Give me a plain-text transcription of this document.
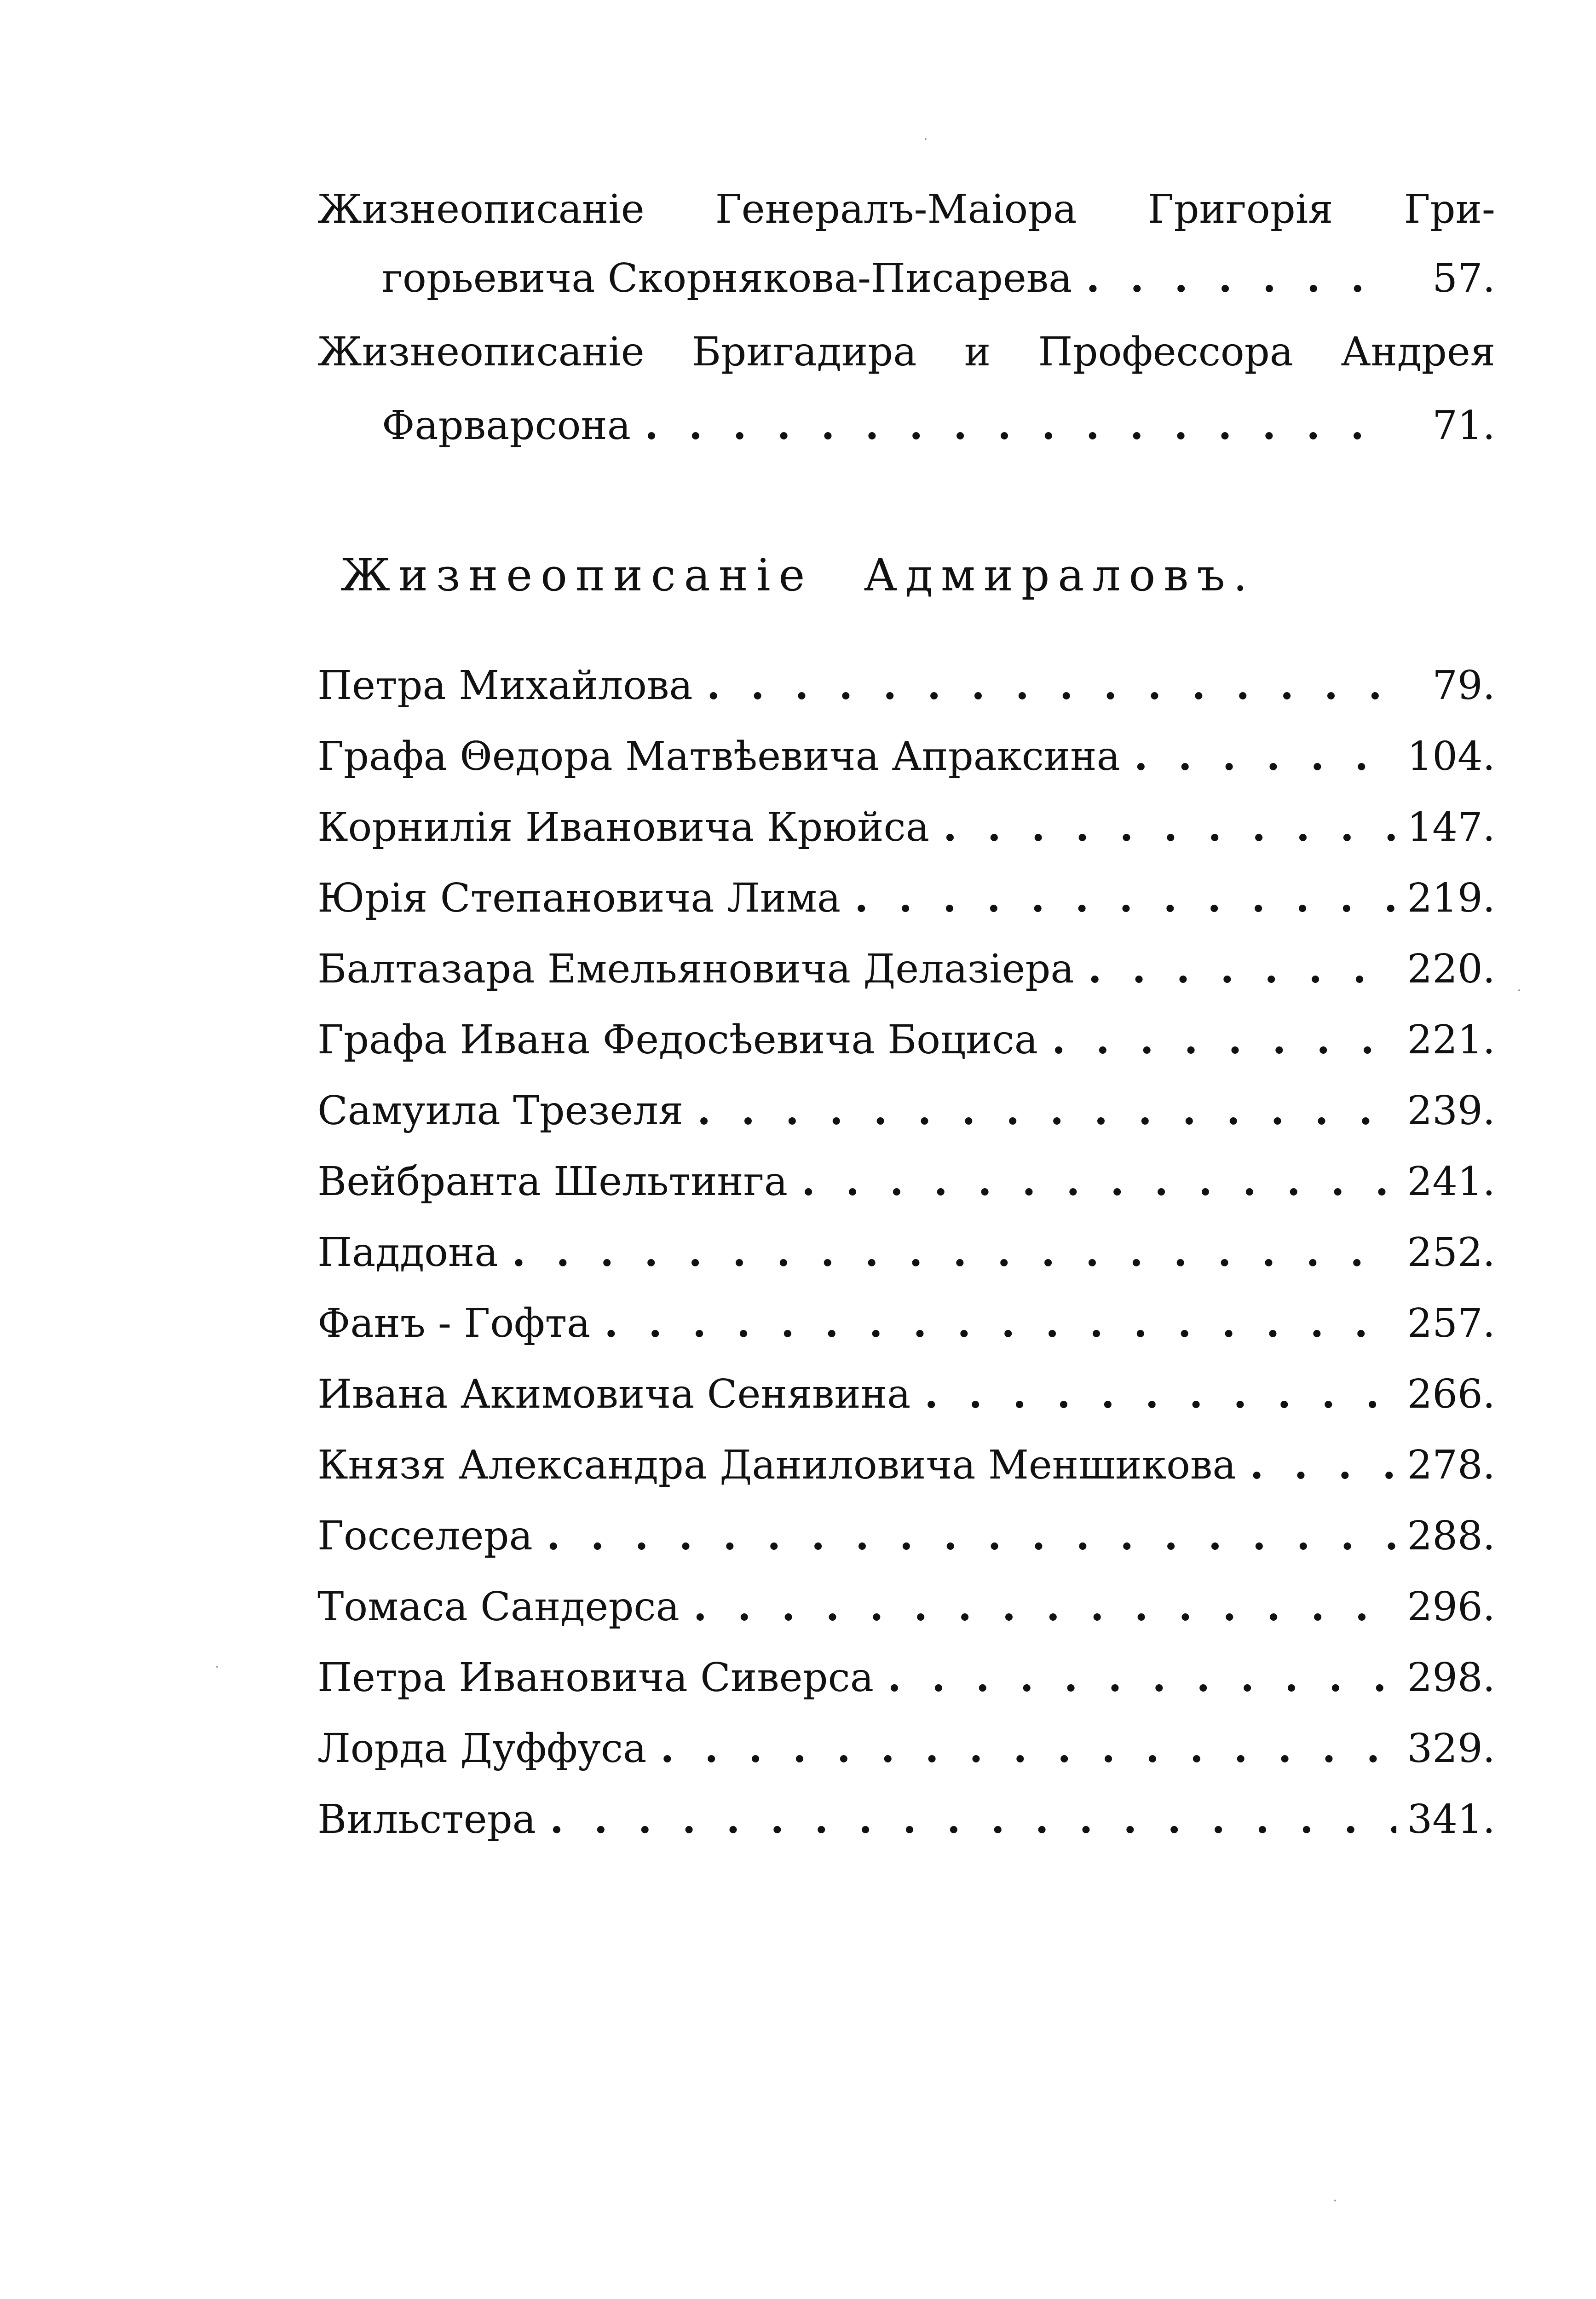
Жизнеописаніе Генералъ-Маіора Григорія Гри-
горьевича Скорнякова-Писарева . .	57.
Жизнеописаніе Бригадира и Профессора Андрея
Фарварсона . .	71.
Жизнеописаніе Адмираловъ.
Петра Михайлова . .	79.
Графа Θедора Матвѣевича Апраксина . .	104.
Корнилія Ивановича Крюйса . .	147.
Юрія Степановича Лима . .	219.
Балтазара Емельяновича Делазіера . .	220.
Графа Ивана Федосѣевича Боциса . .	221.
Самуила Трезеля . .	239.
Вейбранта Шельтинга . .	241.
Паддона . .	252.
Фанъ - Гофта . .	257.
Ивана Акимовича Сенявина . .	266.
Князя Александра Даниловича Меншикова . .	278.
Госселера . .	288.
Томаса Сандерса . .	296.
Петра Ивановича Сиверса . .	298.
Лорда Дуффуса . .	329.
Вильстера . .	341.
